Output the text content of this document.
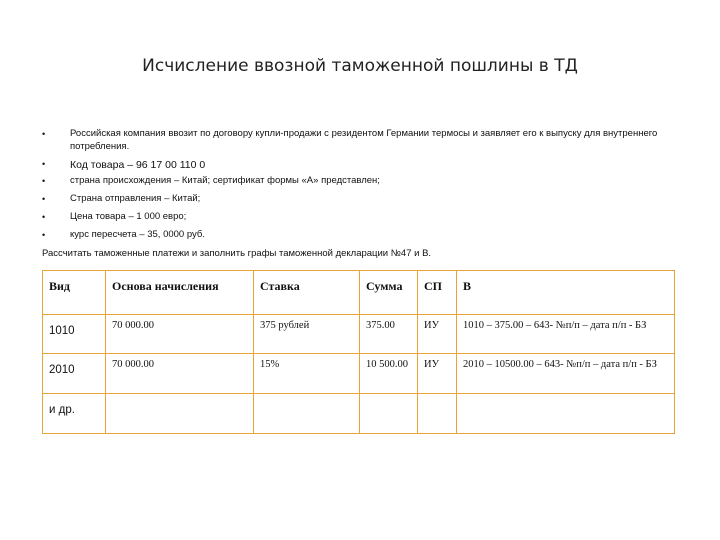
Исчисление ввозной таможенной пошлины в ТД
•	Российская компания ввозит по договору купли-продажи с резидентом Германии термосы и заявляет его к выпуску для внутреннего потребления.
•	Код товара – 96 17 00 110 0
•	страна происхождения – Китай; сертификат формы «А» представлен;
•	Страна отправления – Китай;
•	Цена товара – 1 000 евро;
•	курс пересчета – 35, 0000 руб.
Рассчитать таможенные платежи и заполнить графы таможенной декларации №47 и В.
Вид	Основа начисления	Ставка	Сумма	СП	В
1010	70 000.00	375 рублей	375.00	ИУ	1010 – 375.00 – 643- №п/п – дата п/п - БЗ
2010	70 000.00	15%	10 500.00	ИУ	2010 – 10500.00 – 643- №п/п – дата п/п - БЗ
и др.					
